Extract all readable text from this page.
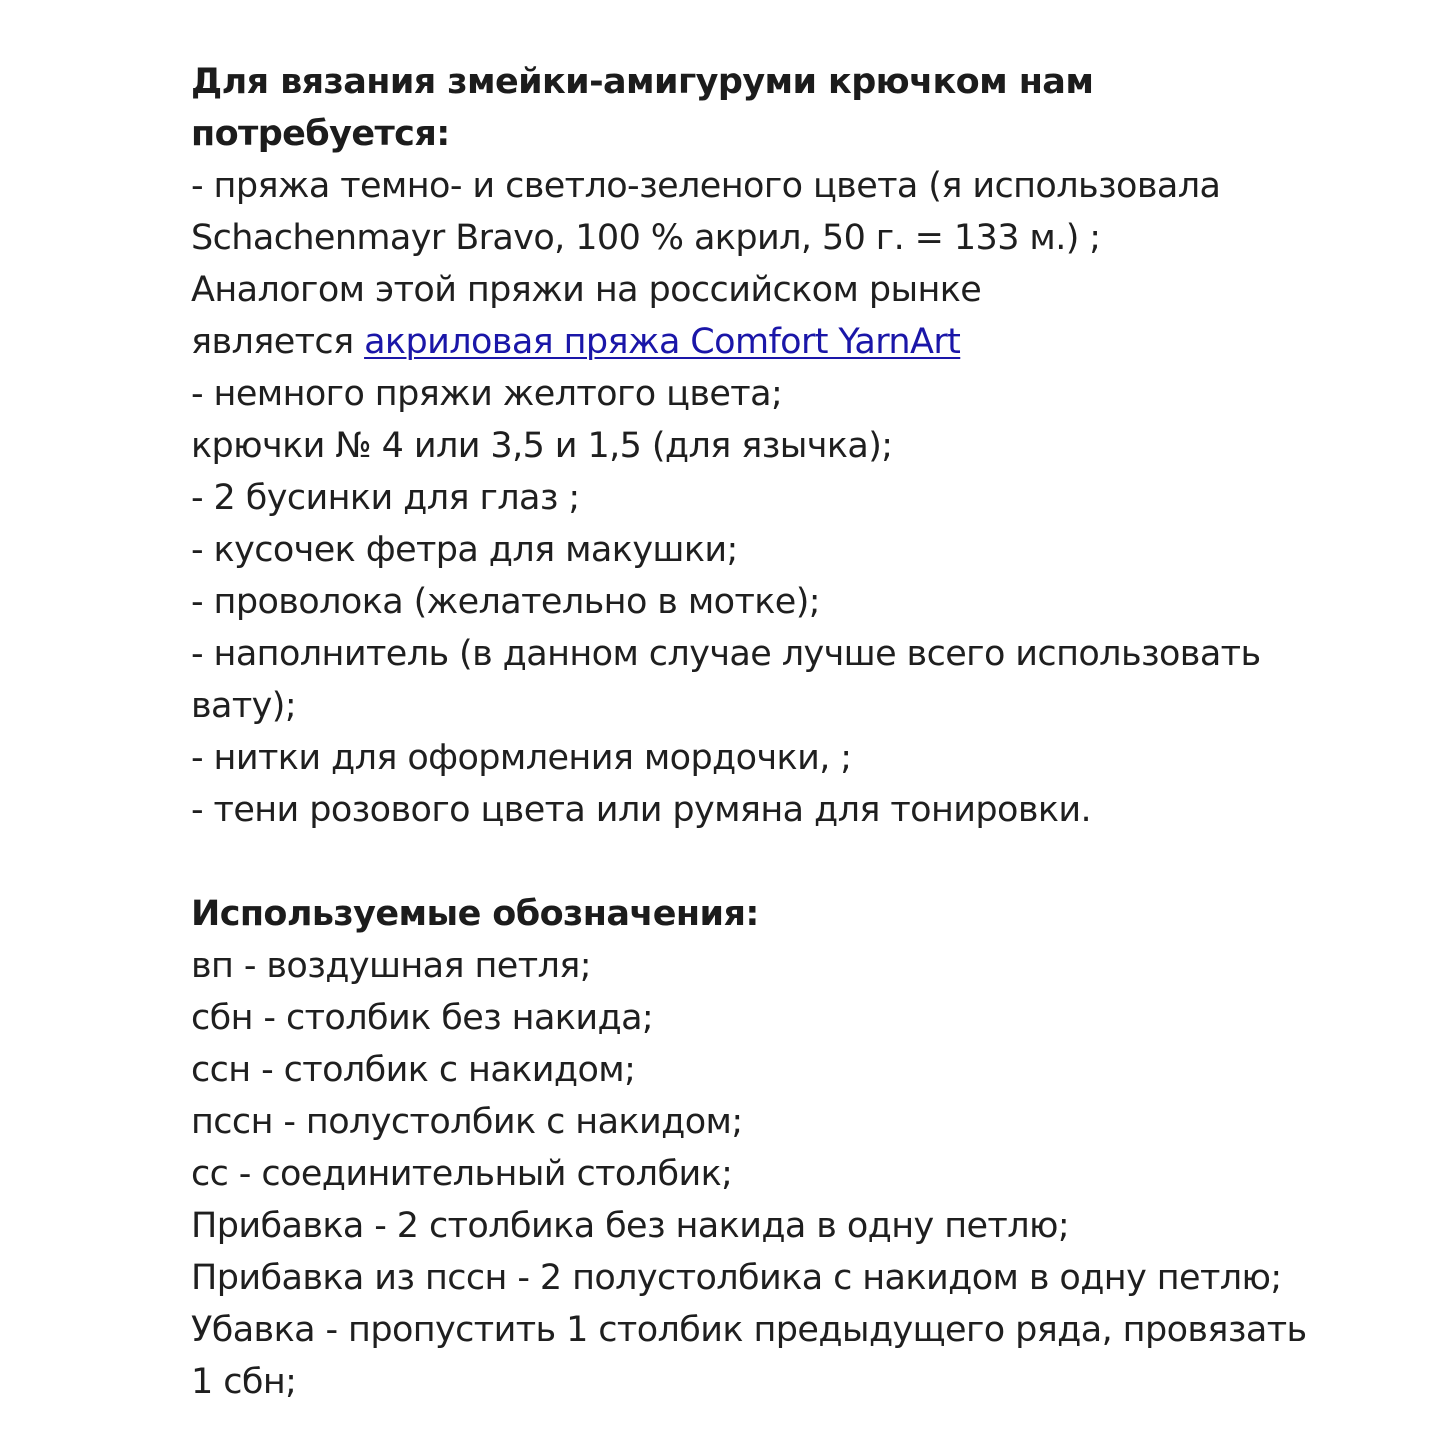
Для вязания змейки-амигуруми крючком нам
потребуется:
- пряжа темно- и светло-зеленого цвета (я использовала
Schachenmayr Bravo, 100 % акрил, 50 г. = 133 м.) ;
Аналогом этой пряжи на российском рынке
является акриловая пряжа Comfort YarnArt
- немного пряжи желтого цвета;
крючки № 4 или 3,5 и 1,5 (для язычка);
- 2 бусинки для глаз ;
- кусочек фетра для макушки;
- проволока (желательно в мотке);
- наполнитель (в данном случае лучше всего использовать
вату);
- нитки для оформления мордочки, ;
- тени розового цвета или румяна для тонировки.
Используемые обозначения:
вп - воздушная петля;
сбн - столбик без накида;
ссн - столбик с накидом;
пссн - полустолбик с накидом;
сс - соединительный столбик;
Прибавка - 2 столбика без накида в одну петлю;
Прибавка из пссн - 2 полустолбика с накидом в одну петлю;
Убавка - пропустить 1 столбик предыдущего ряда, провязать
1 сбн;
